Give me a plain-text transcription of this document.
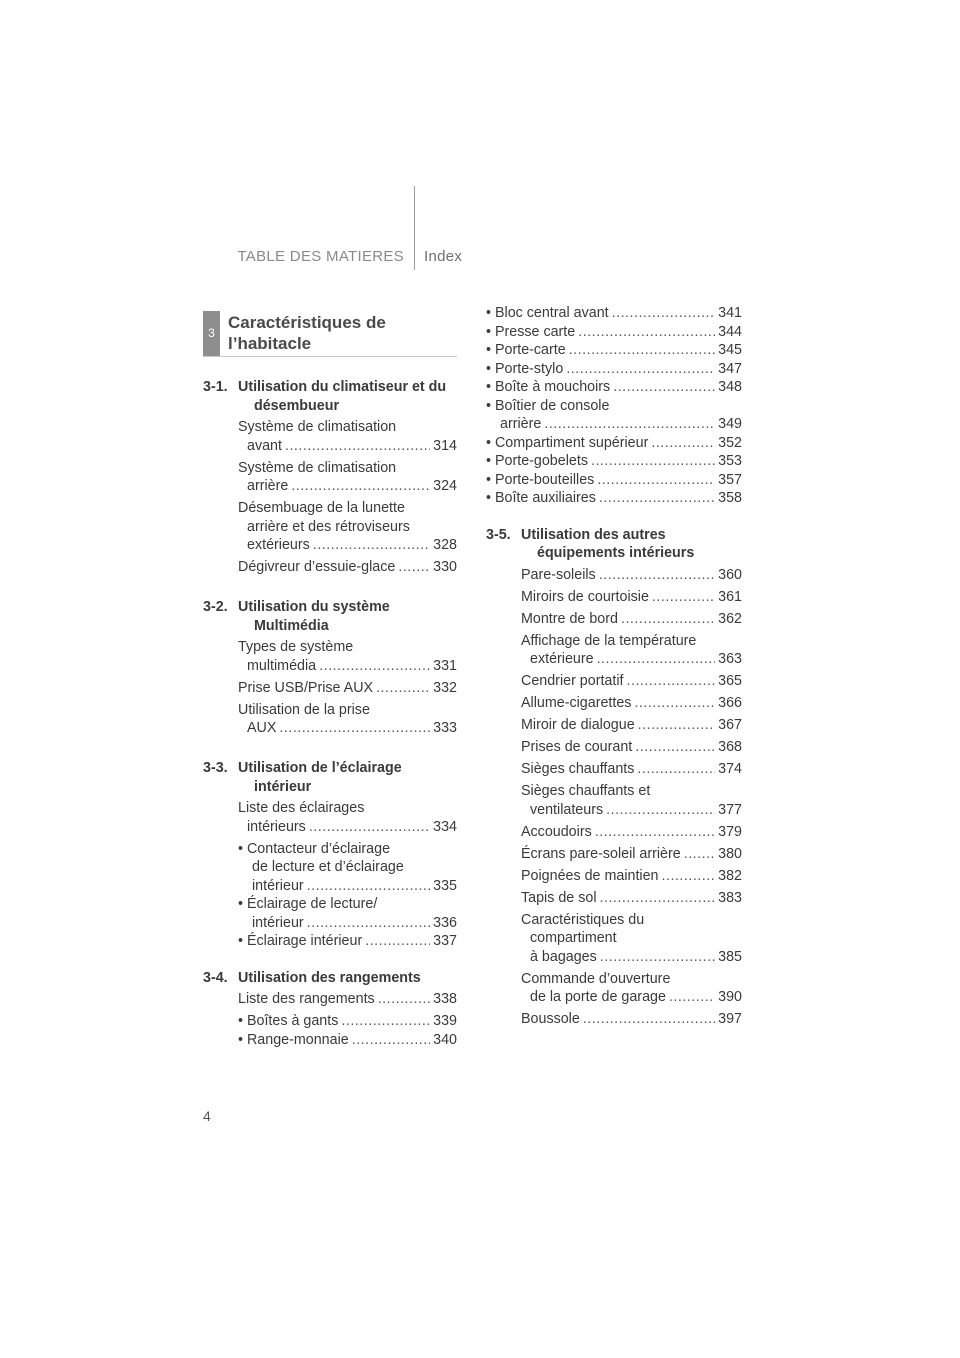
TABLE DES MATIERES Index
3
Caractéristiques de
l’habitacle
3-1. Utilisation du climatiseur et du
désembueur
Système de climatisation
avant .....	314
Système de climatisation
arrière .....	324
Désembuage de la lunette
arrière et des rétroviseurs
extérieurs .....	328
Dégivreur d’essuie-glace .....	330
3-2. Utilisation du système
Multimédia
Types de système
multimédia .....	331
Prise USB/Prise AUX .....	332
Utilisation de la prise
AUX .....	333
3-3. Utilisation de l’éclairage
intérieur
Liste des éclairages
intérieurs .....	334
• Contacteur d’éclairage
de lecture et d’éclairage
intérieur .....	335
• Éclairage de lecture/
intérieur .....	336
• Éclairage intérieur .....	337
3-4. Utilisation des rangements
Liste des rangements .....	338
• Boîtes à gants .....	339
• Range-monnaie .....	340
• Bloc central avant .....	341
• Presse carte .....	344
• Porte-carte .....	345
• Porte-stylo .....	347
• Boîte à mouchoirs .....	348
• Boîtier de console
arrière .....	349
• Compartiment supérieur .....	352
• Porte-gobelets .....	353
• Porte-bouteilles .....	357
• Boîte auxiliaires .....	358
3-5. Utilisation des autres
équipements intérieurs
Pare-soleils .....	360
Miroirs de courtoisie .....	361
Montre de bord .....	362
Affichage de la température
extérieure .....	363
Cendrier portatif .....	365
Allume-cigarettes .....	366
Miroir de dialogue .....	367
Prises de courant .....	368
Sièges chauffants .....	374
Sièges chauffants et
ventilateurs .....	377
Accoudoirs .....	379
Écrans pare-soleil arrière .....	380
Poignées de maintien .....	382
Tapis de sol .....	383
Caractéristiques du
compartiment
à bagages .....	385
Commande d’ouverture
de la porte de garage .....	390
Boussole .....	397
4
